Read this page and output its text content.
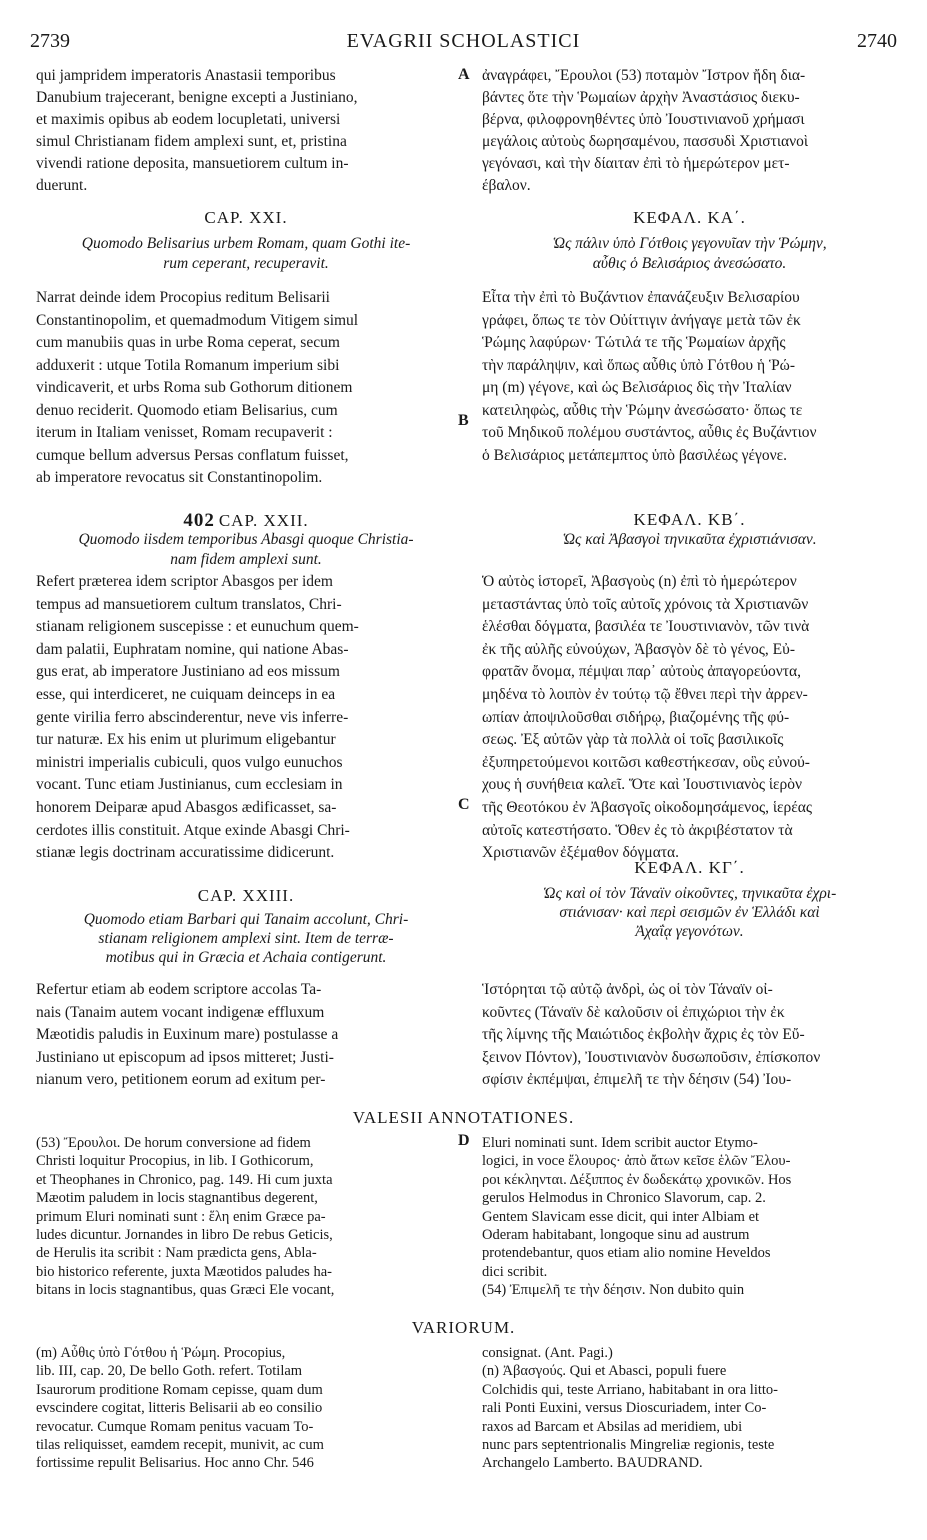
2739	EVAGRII SCHOLASTICI	2740
A
B
C
D
qui jampridem imperatoris Anastasii temporibus
Danubium trajecerant, benigne excepti a Justiniano,
et maximis opibus ab eodem locupletati, universi
simul Christianam fidem amplexi sunt, et, pristina
vivendi ratione deposita, mansuetiorem cultum in-
duerunt.
CAP. XXI.
Quomodo Belisarius urbem Romam, quam Gothi ite-
rum ceperant, recuperavit.
Narrat deinde idem Procopius reditum Belisarii
Constantinopolim, et quemadmodum Vitigem simul
cum manubiis quas in urbe Roma ceperat, secum
adduxerit : utque Totila Romanum imperium sibi
vindicaverit, et urbs Roma sub Gothorum ditionem
denuo reciderit. Quomodo etiam Belisarius, cum
iterum in Italiam venisset, Romam recupaverit :
cumque bellum adversus Persas conflatum fuisset,
ab imperatore revocatus sit Constantinopolim.
402 CAP. XXII.
Quomodo iisdem temporibus Abasgi quoque Christia-
nam fidem amplexi sunt.
Refert præterea idem scriptor Abasgos per idem
tempus ad mansuetiorem cultum translatos, Chri-
stianam religionem suscepisse : et eunuchum quem-
dam palatii, Euphratam nomine, qui natione Abas-
gus erat, ab imperatore Justiniano ad eos missum
esse, qui interdiceret, ne cuiquam deinceps in ea
gente virilia ferro abscinderentur, neve vis inferre-
tur naturæ. Ex his enim ut plurimum eligebantur
ministri imperialis cubiculi, quos vulgo eunuchos
vocant. Tunc etiam Justinianus, cum ecclesiam in
honorem Deiparæ apud Abasgos ædificasset, sa-
cerdotes illis constituit. Atque exinde Abasgi Chri-
stianæ legis doctrinam accuratissime didicerunt.
CAP. XXIII.
Quomodo etiam Barbari qui Tanaim accolunt, Chri-
stianam religionem amplexi sint. Item de terræ-
motibus qui in Græcia et Achaia contigerunt.
Refertur etiam ab eodem scriptore accolas Ta-
nais (Tanaim autem vocant indigenæ effluxum
Mæotidis paludis in Euxinum mare) postulasse a
Justiniano ut episcopum ad ipsos mitteret; Justi-
nianum vero, petitionem eorum ad exitum per-
ἀναγράφει, Ἔρουλοι (53) ποταμὸν Ἴστρον ἤδη δια-
βάντες ὅτε τὴν Ῥωμαίων ἀρχὴν Ἀναστάσιος διεκυ-
βέρνα, φιλοφρονηθέντες ὑπὸ Ἰουστινιανοῦ χρήμασι
μεγάλοις αὐτοὺς δωρησαμένου, πασσυδὶ Χριστιανοὶ
γεγόνασι, καὶ τὴν δίαιταν ἐπὶ τὸ ἡμερώτερον μετ-
έβαλον.
ΚΕΦΑΛ. ΚΑ΄.
Ὡς πάλιν ὑπὸ Γότθοις γεγονυῖαν τὴν Ῥώμην,
αὖθις ὁ Βελισάριος ἀνεσώσατο.
Εἶτα τὴν ἐπὶ τὸ Βυζάντιον ἐπανάζευξιν Βελισαρίου
γράφει, ὅπως τε τὸν Οὐίττιγιν ἀνήγαγε μετὰ τῶν ἐκ
Ῥώμης λαφύρων· Τώτιλά τε τῆς Ῥωμαίων ἀρχῆς
τὴν παράληψιν, καὶ ὅπως αὖθις ὑπὸ Γότθου ἡ Ῥώ-
μη (m) γέγονε, καὶ ὡς Βελισάριος δὶς τὴν Ἰταλίαν
κατειληφὼς, αὖθις τὴν Ῥώμην ἀνεσώσατο· ὅπως τε
τοῦ Μηδικοῦ πολέμου συστάντος, αὖθις ἐς Βυζάντιον
ὁ Βελισάριος μετάπεμπτος ὑπὸ βασιλέως γέγονε.
ΚΕΦΑΛ. ΚΒ΄.
Ὡς καὶ Ἀβασγοὶ τηνικαῦτα ἐχριστιάνισαν.
Ὁ αὐτὸς ἱστορεῖ, Ἀβασγοὺς (n) ἐπὶ τὸ ἡμερώτερον
μεταστάντας ὑπὸ τοῖς αὐτοῖς χρόνοις τὰ Χριστιανῶν
ἑλέσθαι δόγματα, βασιλέα τε Ἰουστινιανὸν, τῶν τινὰ
ἐκ τῆς αὐλῆς εὐνούχων, Ἀβασγὸν δὲ τὸ γένος, Εὐ-
φρατᾶν ὄνομα, πέμψαι παρ᾽ αὐτοὺς ἀπαγορεύοντα,
μηδένα τὸ λοιπὸν ἐν τούτῳ τῷ ἔθνει περὶ τὴν ἀρρεν-
ωπίαν ἀποψιλοῦσθαι σιδήρῳ, βιαζομένης τῆς φύ-
σεως. Ἐξ αὐτῶν γὰρ τὰ πολλὰ οἱ τοῖς βασιλικοῖς
ἐξυπηρετούμενοι κοιτῶσι καθεστήκεσαν, οὓς εὐνού-
χους ἡ συνήθεια καλεῖ. Ὅτε καὶ Ἰουστινιανὸς ἱερὸν
τῆς Θεοτόκου ἐν Ἀβασγοῖς οἰκοδομησάμενος, ἱερέας
αὐτοῖς κατεστήσατο. Ὅθεν ἐς τὸ ἀκριβέστατον τὰ
Χριστιανῶν ἐξέμαθον δόγματα.
ΚΕΦΑΛ. ΚΓ΄.
Ὡς καὶ οἱ τὸν Τάναϊν οἰκοῦντες, τηνικαῦτα ἐχρι-
στιάνισαν· καὶ περὶ σεισμῶν ἐν Ἑλλάδι καὶ
Ἀχαΐᾳ γεγονότων.
Ἱστόρηται τῷ αὐτῷ ἀνδρὶ, ὡς οἱ τὸν Τάναϊν οἰ-
κοῦντες (Τάναϊν δὲ καλοῦσιν οἱ ἐπιχώριοι τὴν ἐκ
τῆς λίμνης τῆς Μαιώτιδος ἐκβολὴν ἄχρις ἐς τὸν Εὔ-
ξεινον Πόντον), Ἰουστινιανὸν δυσωποῦσιν, ἐπίσκοπον
σφίσιν ἐκπέμψαι, ἐπιμελῆ τε τὴν δέησιν (54) Ἰου-
VALESII ANNOTATIONES.
(53) Ἔρουλοι. De horum conversione ad fidem
Christi loquitur Procopius, in lib. I Gothicorum,
et Theophanes in Chronico, pag. 149. Hi cum juxta
Mæotim paludem in locis stagnantibus degerent,
primum Eluri nominati sunt : ἕλη enim Græce pa-
ludes dicuntur. Jornandes in libro De rebus Geticis,
de Herulis ita scribit : Nam prædicta gens, Abla-
bio historico referente, juxta Mæotidos paludes ha-
bitans in locis stagnantibus, quas Græci Ele vocant,
Eluri nominati sunt. Idem scribit auctor Etymo-
logici, in voce ἔλουρος· ἀπὸ ἄτων κεῖσε ἑλῶν Ἔλου-
ροι κέκληνται. Δέξιππος ἐν δωδεκάτῳ χρονικῶν. Hos
gerulos Helmodus in Chronico Slavorum, cap. 2.
Gentem Slavicam esse dicit, qui inter Albiam et
Oderam habitabant, longoque sinu ad austrum
protendebantur, quos etiam alio nomine Heveldos
dici scribit.
(54) Ἐπιμελῆ τε τὴν δέησιν. Non dubito quin
VARIORUM.
(m) Αὖθις ὑπὸ Γότθου ἡ Ῥώμη. Procopius,
lib. III, cap. 20, De bello Goth. refert. Totilam
Isaurorum proditione Romam cepisse, quam dum
evscindere cogitat, litteris Belisarii ab eo consilio
revocatur. Cumque Romam penitus vacuam To-
tilas reliquisset, eamdem recepit, munivit, ac cum
fortissime repulit Belisarius. Hoc anno Chr. 546
consignat. (Ant. Pagi.)
(n) Ἀβασγούς. Qui et Abasci, populi fuere
Colchidis qui, teste Arriano, habitabant in ora litto-
rali Ponti Euxini, versus Dioscuriadem, inter Co-
raxos ad Barcam et Absilas ad meridiem, ubi
nunc pars septentrionalis Mingreliæ regionis, teste
Archangelo Lamberto. BAUDRAND.
